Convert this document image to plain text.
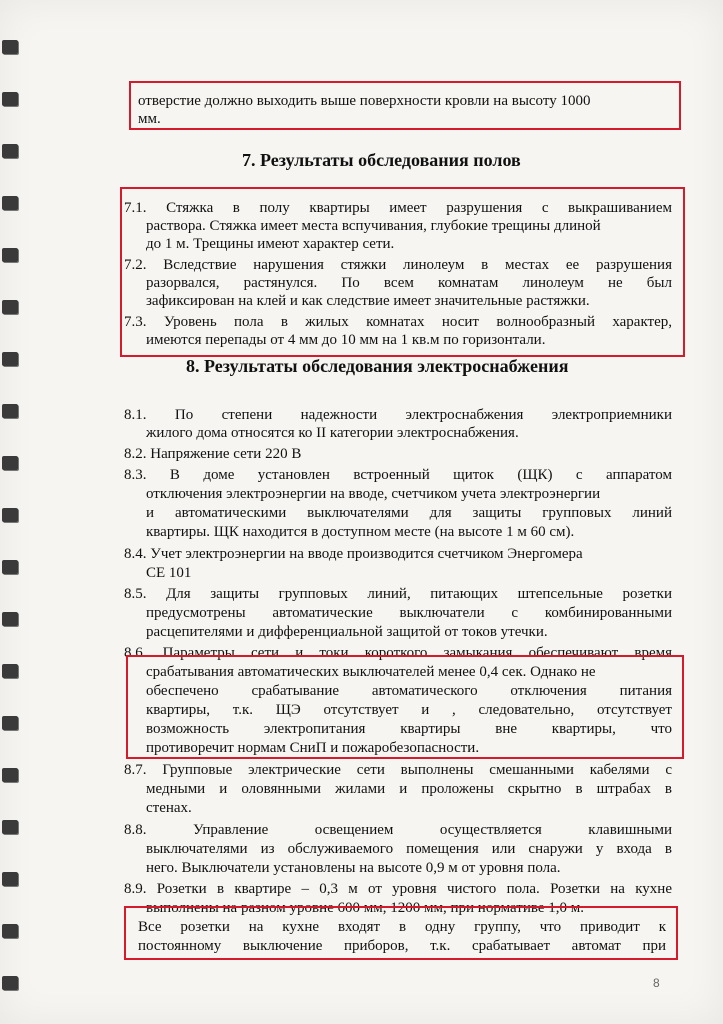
отверстие должно выходить выше поверхности кровли на высоту 1000
мм.
7. Результаты обследования полов
7.1. Стяжка в полу квартиры имеет разрушения с выкрашиванием
раствора. Стяжка имеет места вспучивания, глубокие трещины длиной
до 1 м. Трещины имеют характер сети.
7.2. Вследствие нарушения стяжки линолеум в местах ее разрушения
разорвался, растянулся. По всем комнатам линолеум не был
зафиксирован на клей и как следствие имеет значительные растяжки.
7.3. Уровень пола в жилых комнатах носит волнообразный характер,
имеются перепады от 4 мм до 10 мм на 1 кв.м по горизонтали.
8. Результаты обследования электроснабжения
8.1. По степени надежности электроснабжения электроприемники
жилого дома относятся ко II категории электроснабжения.
8.2. Напряжение сети 220 В
8.3. В доме установлен встроенный щиток (ЩК) с аппаратом
отключения электроэнергии на вводе, счетчиком учета электроэнергии
и автоматическими выключателями для защиты групповых линий
квартиры. ЩК находится в доступном месте (на высоте 1 м 60 см).
8.4. Учет электроэнергии на вводе производится счетчиком Энергомера
СЕ 101
8.5. Для защиты групповых линий, питающих штепсельные розетки
предусмотрены автоматические выключатели с комбинированными
расцепителями и дифференциальной защитой от токов утечки.
8.6. Параметры сети и токи короткого замыкания обеспечивают время
срабатывания автоматических выключателей менее 0,4 сек. Однако не
обеспечено срабатывание автоматического отключения питания
квартиры, т.к. ЩЭ отсутствует и , следовательно, отсутствует
возможность электропитания квартиры вне квартиры, что
противоречит нормам СниП и пожаробезопасности.
8.7. Групповые электрические сети выполнены смешанными кабелями с
медными и оловянными жилами и проложены скрытно в штрабах в
стенах.
8.8. Управление освещением осуществляется клавишными
выключателями из обслуживаемого помещения или снаружи у входа в
него. Выключатели установлены на высоте 0,9 м от уровня пола.
8.9. Розетки в квартире – 0,3 м от уровня чистого пола. Розетки на кухне
выполнены на разном уровне 600 мм, 1200 мм, при нормативе 1,0 м.
Все розетки на кухне входят в одну группу, что приводит к
постоянному выключение приборов, т.к. срабатывает автомат при
8
